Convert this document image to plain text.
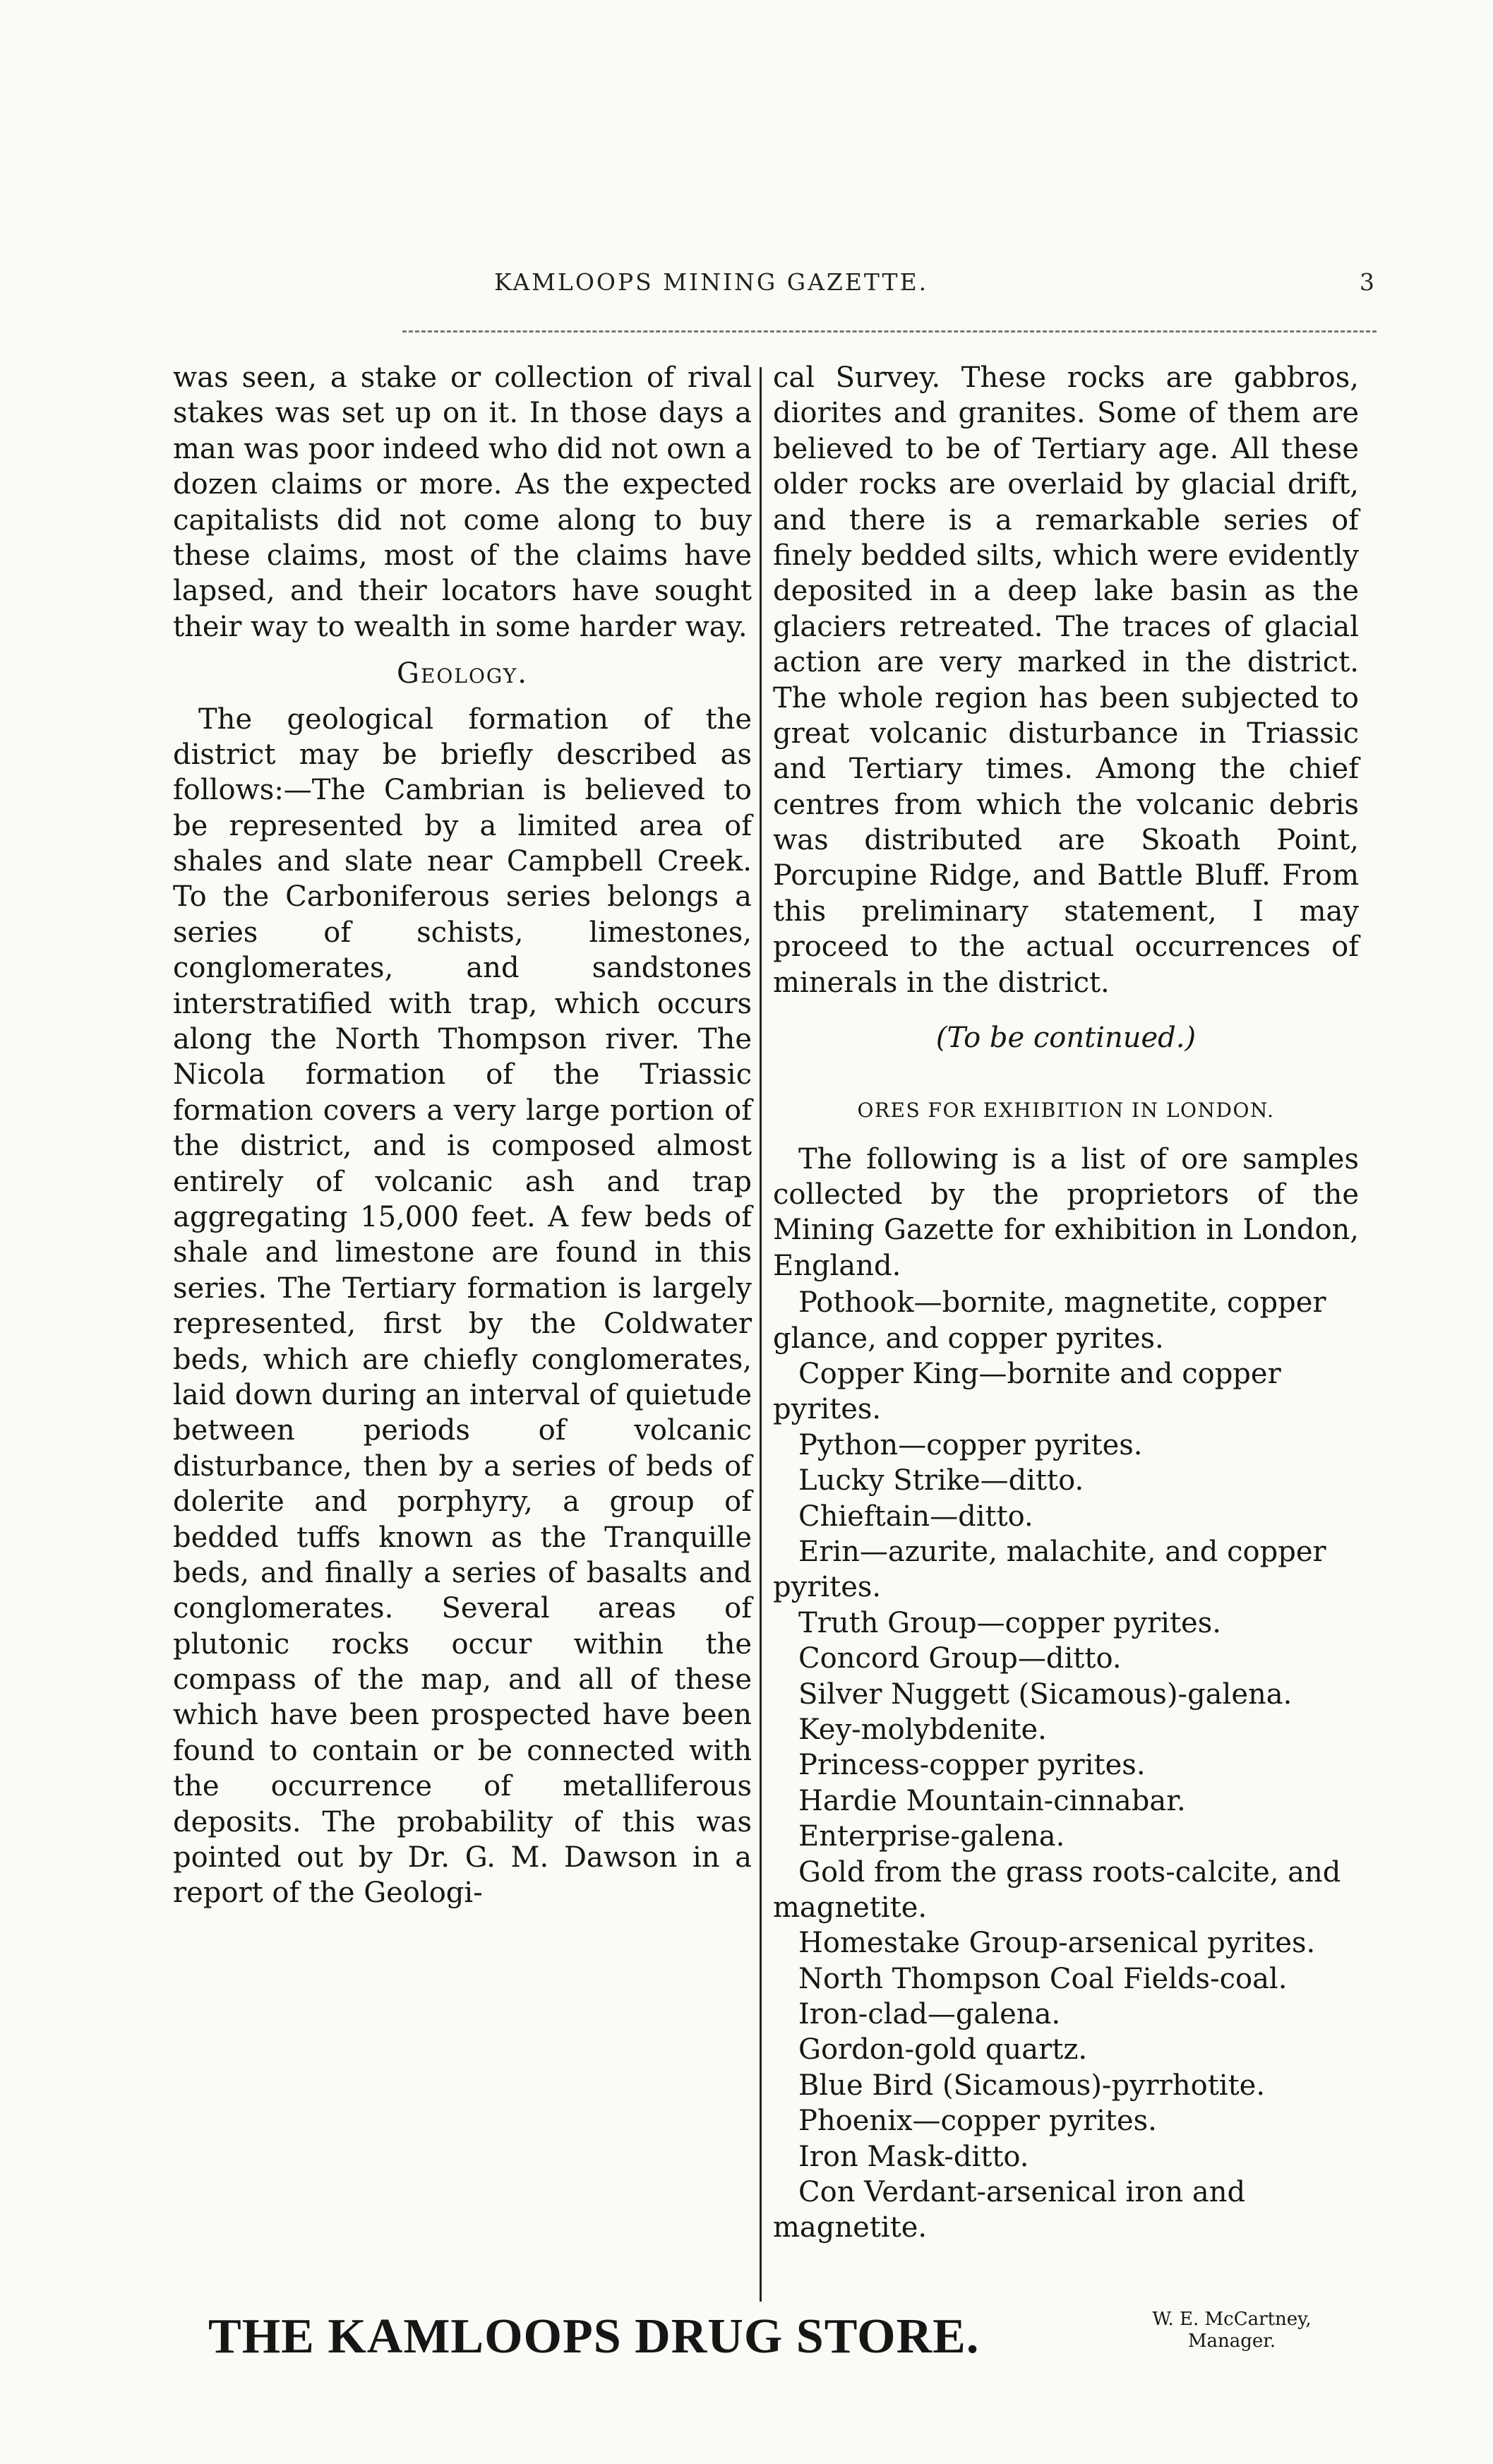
KAMLOOPS MINING GAZETTE.	3

was seen, a stake or collection of rival stakes was set up on it. In those days a man was poor indeed who did not own a dozen claims or more. As the expected capitalists did not come along to buy these claims, most of the claims have lapsed, and their locators have sought their way to wealth in some harder way.

Geology.

The geological formation of the district may be briefly described as follows:—The Cambrian is believed to be represented by a limited area of shales and slate near Campbell Creek. To the Carboniferous series belongs a series of schists, limestones, conglomerates, and sandstones interstratified with trap, which occurs along the North Thompson river. The Nicola formation of the Triassic formation covers a very large portion of the district, and is composed almost entirely of volcanic ash and trap aggregating 15,000 feet. A few beds of shale and limestone are found in this series. The Tertiary formation is largely represented, first by the Coldwater beds, which are chiefly conglomerates, laid down during an interval of quietude between periods of volcanic disturbance, then by a series of beds of dolerite and porphyry, a group of bedded tuffs known as the Tranquille beds, and finally a series of basalts and conglomerates. Several areas of plutonic rocks occur within the compass of the map, and all of these which have been prospected have been found to contain or be connected with the occurrence of metalliferous deposits. The probability of this was pointed out by Dr. G. M. Dawson in a report of the Geologi-

cal Survey. These rocks are gabbros, diorites and granites. Some of them are believed to be of Tertiary age. All these older rocks are overlaid by glacial drift, and there is a remarkable series of finely bedded silts, which were evidently deposited in a deep lake basin as the glaciers retreated. The traces of glacial action are very marked in the district. The whole region has been subjected to great volcanic disturbance in Triassic and Tertiary times. Among the chief centres from which the volcanic debris was distributed are Skoath Point, Porcupine Ridge, and Battle Bluff. From this preliminary statement, I may proceed to the actual occurrences of minerals in the district.

(To be continued.)

ORES FOR EXHIBITION IN LONDON.

The following is a list of ore samples collected by the proprietors of the Mining Gazette for exhibition in London, England.

Pothook—bornite, magnetite, copper glance, and copper pyrites.

Copper King—bornite and copper pyrites.

Python—copper pyrites.

Lucky Strike—ditto.

Chieftain—ditto.

Erin—azurite, malachite, and copper pyrites.

Truth Group—copper pyrites.

Concord Group—ditto.

Silver Nuggett (Sicamous)-galena.

Key-molybdenite.

Princess-copper pyrites.

Hardie Mountain-cinnabar.

Enterprise-galena.

Gold from the grass roots-calcite, and magnetite.

Homestake Group-arsenical pyrites.

North Thompson Coal Fields-coal.

Iron-clad—galena.

Gordon-gold quartz.

Blue Bird (Sicamous)-pyrrhotite.

Phoenix—copper pyrites.

Iron Mask-ditto.

Con Verdant-arsenical iron and magnetite.

THE KAMLOOPS DRUG STORE.	W. E. McCartney,
Manager.
